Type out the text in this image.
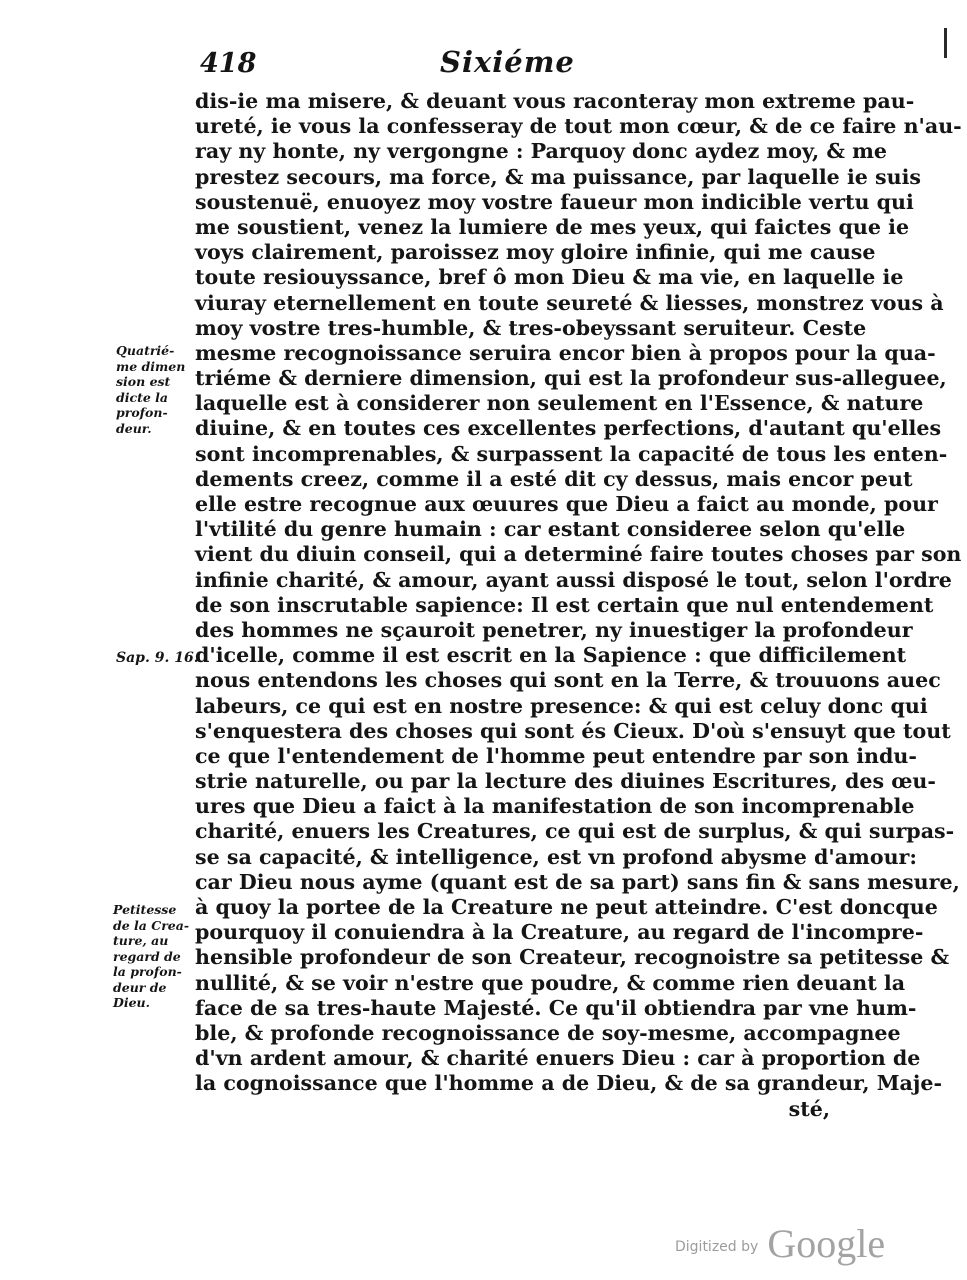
418	Sixiéme
Quatrié-
me dimen
sion est
dicte la
profon-
deur.
Sap. 9. 16.
Petitesse
de la Crea-
ture, au
regard de
la profon-
deur de
Dieu.
dis-ie ma misere, & deuant vous raconteray mon extreme pau-
ureté, ie vous la confesseray de tout mon cœur, & de ce faire n'au-
ray ny honte, ny vergongne : Parquoy donc aydez moy, & me
prestez secours, ma force, & ma puissance, par laquelle ie suis
soustenuë, enuoyez moy vostre faueur mon indicible vertu qui
me soustient, venez la lumiere de mes yeux, qui faictes que ie
voys clairement, paroissez moy gloire infinie, qui me cause
toute resiouyssance, bref ô mon Dieu & ma vie, en laquelle ie
viuray eternellement en toute seureté & liesses, monstrez vous à
moy vostre tres-humble, & tres-obeyssant seruiteur. Ceste
mesme recognoissance seruira encor bien à propos pour la qua-
triéme & derniere dimension, qui est la profondeur sus-alleguee,
laquelle est à considerer non seulement en l'Essence, & nature
diuine, & en toutes ces excellentes perfections, d'autant qu'elles
sont incomprenables, & surpassent la capacité de tous les enten-
dements creez, comme il a esté dit cy dessus, mais encor peut
elle estre recognue aux œuures que Dieu a faict au monde, pour
l'vtilité du genre humain : car estant consideree selon qu'elle
vient du diuin conseil, qui a determiné faire toutes choses par son
infinie charité, & amour, ayant aussi disposé le tout, selon l'ordre
de son inscrutable sapience: Il est certain que nul entendement
des hommes ne sçauroit penetrer, ny inuestiger la profondeur
d'icelle, comme il est escrit en la Sapience : que difficilement
nous entendons les choses qui sont en la Terre, & trouuons auec
labeurs, ce qui est en nostre presence: & qui est celuy donc qui
s'enquestera des choses qui sont és Cieux. D'où s'ensuyt que tout
ce que l'entendement de l'homme peut entendre par son indu-
strie naturelle, ou par la lecture des diuines Escritures, des œu-
ures que Dieu a faict à la manifestation de son incomprenable
charité, enuers les Creatures, ce qui est de surplus, & qui surpas-
se sa capacité, & intelligence, est vn profond abysme d'amour:
car Dieu nous ayme (quant est de sa part) sans fin & sans mesure,
à quoy la portee de la Creature ne peut atteindre. C'est doncque
pourquoy il conuiendra à la Creature, au regard de l'incompre-
hensible profondeur de son Createur, recognoistre sa petitesse &
nullité, & se voir n'estre que poudre, & comme rien deuant la
face de sa tres-haute Majesté. Ce qu'il obtiendra par vne hum-
ble, & profonde recognoissance de soy-mesme, accompagnee
d'vn ardent amour, & charité enuers Dieu : car à proportion de
la cognoissance que l'homme a de Dieu, & de sa grandeur, Maje-
sté,
Digitized by Google
